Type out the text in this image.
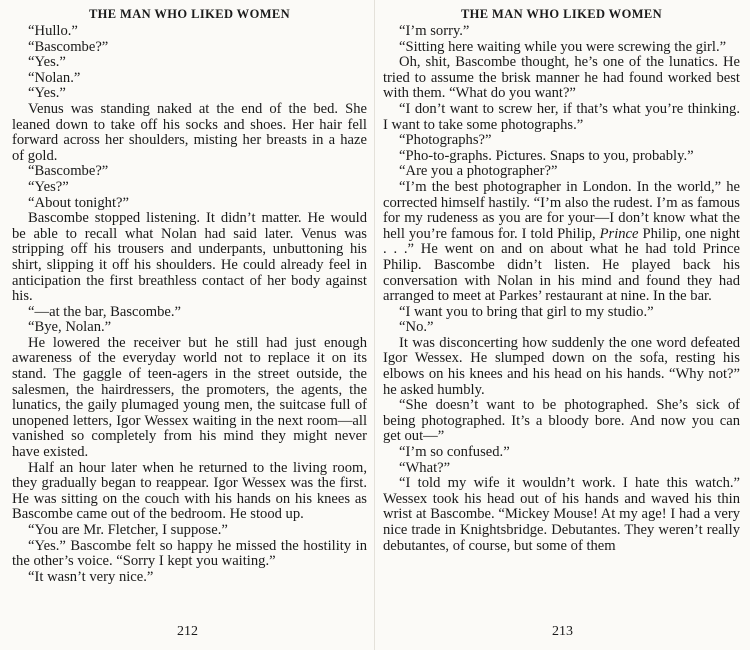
THE MAN WHO LIKED WOMEN

“Hullo.”

“Bascombe?”

“Yes.”

“Nolan.”

“Yes.”

Venus was standing naked at the end of the bed. She leaned down to take off his socks and shoes. Her hair fell forward across her shoulders, misting her breasts in a haze of gold.

“Bascombe?”

“Yes?”

“About tonight?”

Bascombe stopped listening. It didn’t matter. He would be able to recall what Nolan had said later. Venus was stripping off his trousers and underpants, unbuttoning his shirt, slipping it off his shoulders. He could already feel in anticipation the first breathless contact of her body against his.

“—at the bar, Bascombe.”

“Bye, Nolan.”

He lowered the receiver but he still had just enough awareness of the everyday world not to replace it on its stand. The gaggle of teen-agers in the street outside, the salesmen, the hairdressers, the promoters, the agents, the lunatics, the gaily plumaged young men, the suitcase full of unopened letters, Igor Wessex waiting in the next room—all vanished so completely from his mind they might never have existed.

Half an hour later when he returned to the living room, they gradually began to reappear. Igor Wessex was the first. He was sitting on the couch with his hands on his knees as Bascombe came out of the bedroom. He stood up.

“You are Mr. Fletcher, I suppose.”

“Yes.” Bascombe felt so happy he missed the hostility in the other’s voice. “Sorry I kept you waiting.”

“It wasn’t very nice.”

212
THE MAN WHO LIKED WOMEN

“I’m sorry.”

“Sitting here waiting while you were screwing the girl.”

Oh, shit, Bascombe thought, he’s one of the lunatics. He tried to assume the brisk manner he had found worked best with them. “What do you want?”

“I don’t want to screw her, if that’s what you’re thinking. I want to take some photographs.”

“Photographs?”

“Pho-to-graphs. Pictures. Snaps to you, probably.”

“Are you a photographer?”

“I’m the best photographer in London. In the world,” he corrected himself hastily. “I’m also the rudest. I’m as famous for my rudeness as you are for your—I don’t know what the hell you’re famous for. I told Philip, Prince Philip, one night . . .” He went on and on about what he had told Prince Philip. Bascombe didn’t listen. He played back his conversation with Nolan in his mind and found they had arranged to meet at Parkes’ restaurant at nine. In the bar.

“I want you to bring that girl to my studio.”

“No.”

It was disconcerting how suddenly the one word defeated Igor Wessex. He slumped down on the sofa, resting his elbows on his knees and his head on his hands. “Why not?” he asked humbly.

“She doesn’t want to be photographed. She’s sick of being photographed. It’s a bloody bore. And now you can get out—”

“I’m so confused.”

“What?”

“I told my wife it wouldn’t work. I hate this watch.” Wessex took his head out of his hands and waved his thin wrist at Bascombe. “Mickey Mouse! At my age! I had a very nice trade in Knightsbridge. Debutantes. They weren’t really debutantes, of course, but some of them

213
